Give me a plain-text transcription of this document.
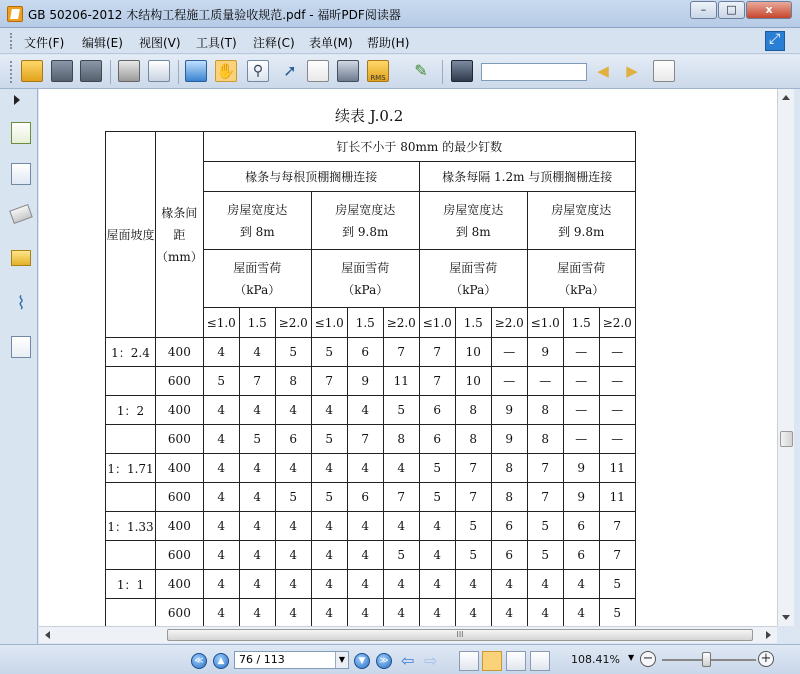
GB 50206-2012 木结构工程施工质量验收规范.pdf - 福昕PDF阅读器	–	□	x
文件(F) 编辑(E) 视图(V) 工具(T) 注释(C) 表单(M) 帮助(H)
⤢
✋	⚲	➚	RMS ✎	◀	▶
⌇
续表 J.0.2
屋面坡度	椽条间距（mm）	钉长不小于 80mm 的最少钉数											
		椽条与每根顶棚搁栅连接						椽条每隔 1.2m 与顶棚搁栅连接					
		房屋宽度达到 8m			房屋宽度达到 9.8m			房屋宽度达到 8m			房屋宽度达到 9.8m		
		屋面雪荷（kPa）			屋面雪荷（kPa）			屋面雪荷（kPa）			屋面雪荷（kPa）		
		≤1.0	1.5	≥2.0	≤1.0	1.5	≥2.0	≤1.0	1.5	≥2.0	≤1.0	1.5	≥2.0
1：2.4	400	4	4	5	5	6	7	7	10	—	9	—	—
	600	5	7	8	7	9	11	7	10	—	—	—	—
1：2	400	4	4	4	4	4	5	6	8	9	8	—	—
	600	4	5	6	5	7	8	6	8	9	8	—	—
1：1.71	400	4	4	4	4	4	4	5	7	8	7	9	11
	600	4	4	5	5	6	7	5	7	8	7	9	11
1：1.33	400	4	4	4	4	4	4	4	5	6	5	6	7
	600	4	4	4	4	4	5	4	5	6	5	6	7
1：1	400	4	4	4	4	4	4	4	4	4	4	4	5
	600	4	4	4	4	4	4	4	4	4	4	4	5
III
≪	▲	76 / 113	▼	▼	≫ ⇦ ⇨	108.41% ▼ −	+
